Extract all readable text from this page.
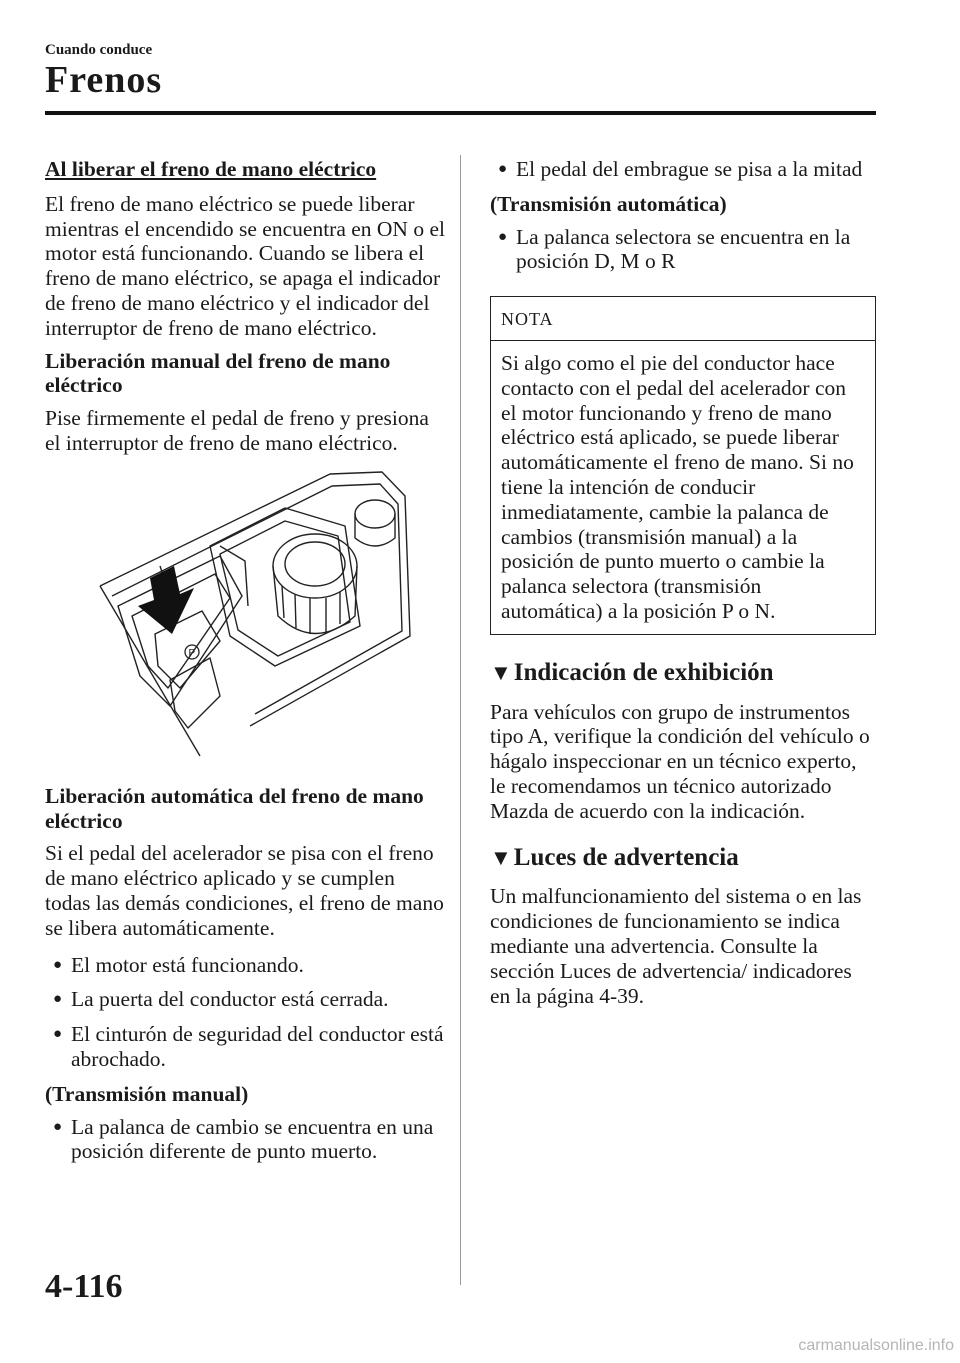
Cuando conduce
Frenos

Al liberar el freno de mano eléctrico

El freno de mano eléctrico se puede liberar mientras el encendido se encuentra en ON o el motor está funcionando. Cuando se libera el freno de mano eléctrico, se apaga el indicador de freno de mano eléctrico y el indicador del interruptor de freno de mano eléctrico.

Liberación manual del freno de mano eléctrico

Pise firmemente el pedal de freno y presiona el interruptor de freno de mano eléctrico.

P

Liberación automática del freno de mano eléctrico

Si el pedal del acelerador se pisa con el freno de mano eléctrico aplicado y se cumplen todas las demás condiciones, el freno de mano se libera automáticamente.

● El motor está funcionando.
● La puerta del conductor está cerrada.
● El cinturón de seguridad del conductor está abrochado.

(Transmisión manual)

● La palanca de cambio se encuentra en una posición diferente de punto muerto.
● El pedal del embrague se pisa a la mitad

(Transmisión automática)

● La palanca selectora se encuentra en la posición D, M o R
NOTA
Si algo como el pie del conductor hace contacto con el pedal del acelerador con el motor funcionando y freno de mano eléctrico está aplicado, se puede liberar automáticamente el freno de mano. Si no tiene la intención de conducir inmediatamente, cambie la palanca de cambios (transmisión manual) a la posición de punto muerto o cambie la palanca selectora (transmisión automática) a la posición P o N.
▼ Indicación de exhibición

Para vehículos con grupo de instrumentos tipo A, verifique la condición del vehículo o hágalo inspeccionar en un técnico experto, le recomendamos un técnico autorizado Mazda de acuerdo con la indicación.

▼ Luces de advertencia

Un malfuncionamiento del sistema o en las condiciones de funcionamiento se indica mediante una advertencia. Consulte la sección Luces de advertencia/ indicadores en la página 4-39.

4-116
carmanualsonline.info
